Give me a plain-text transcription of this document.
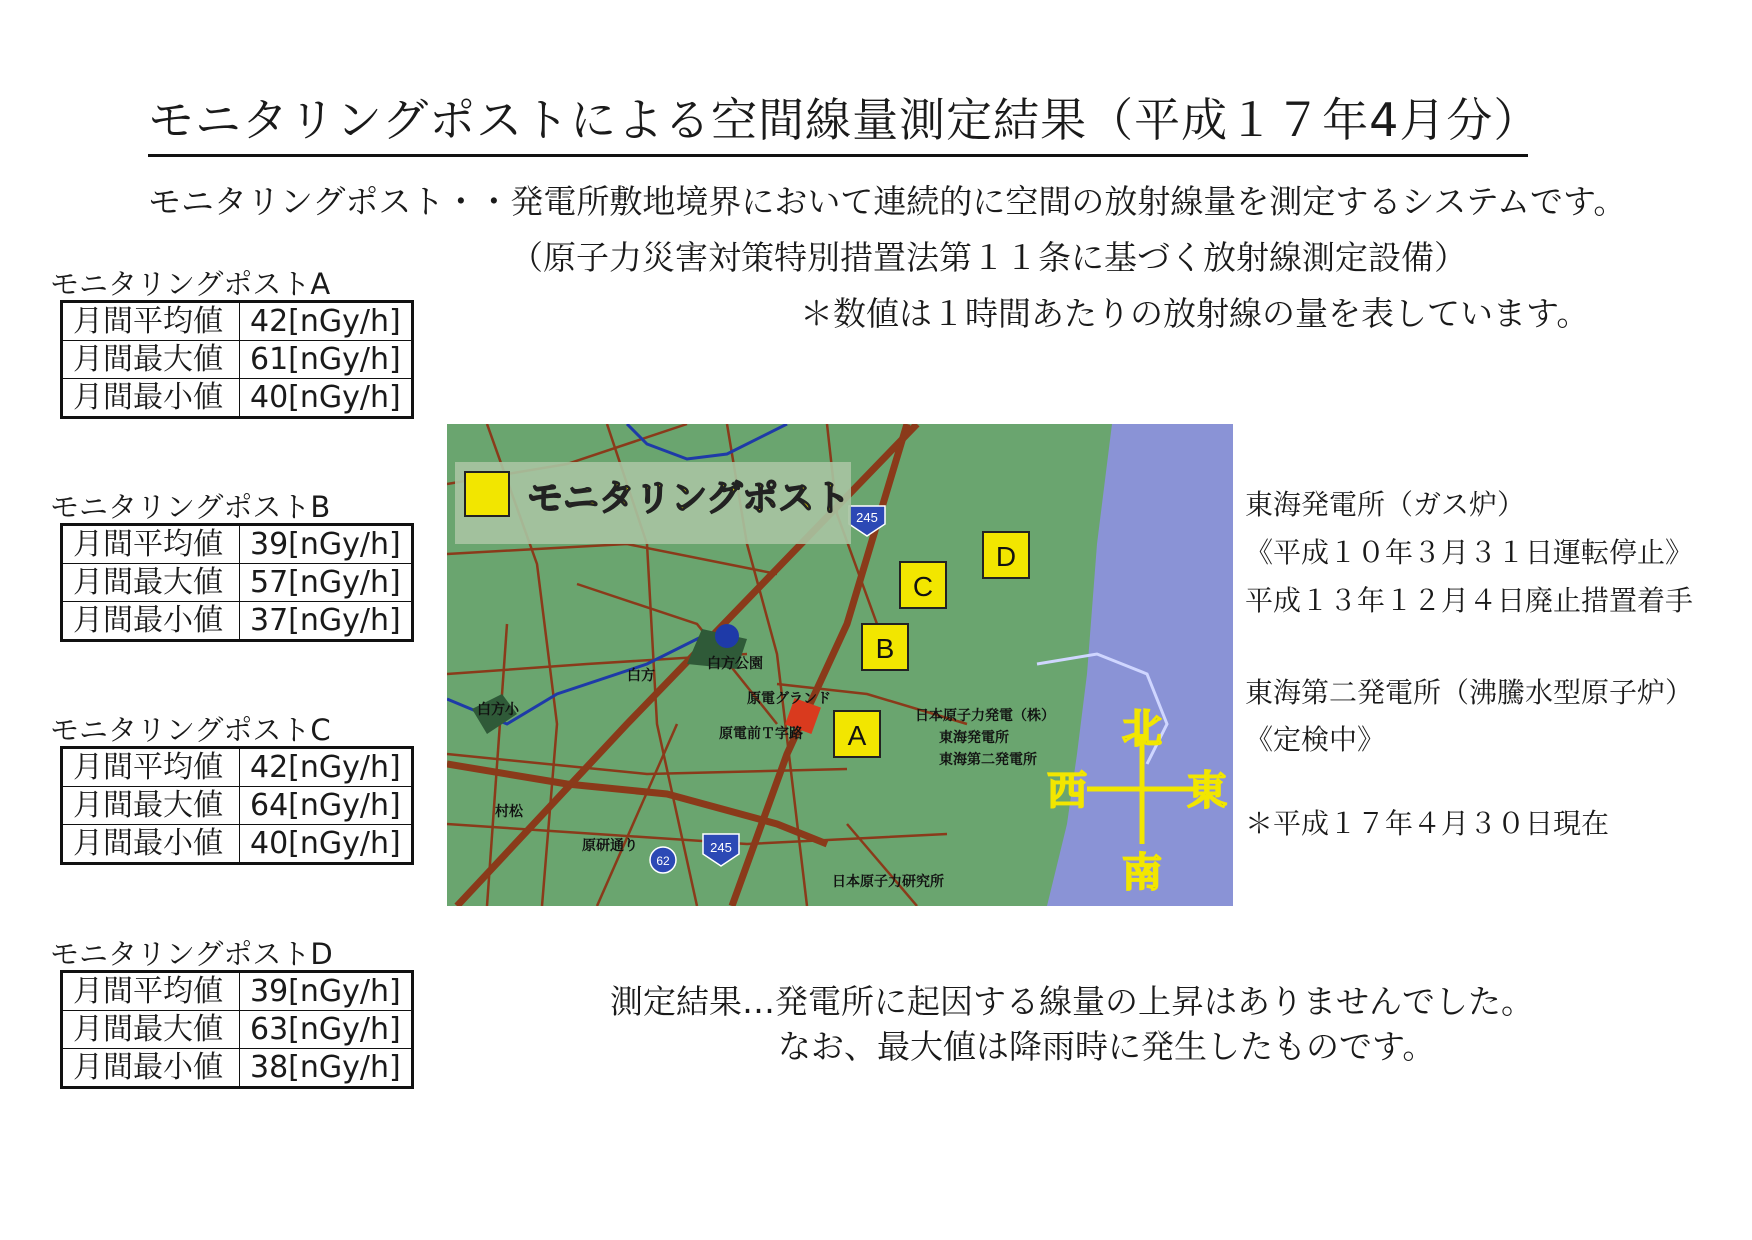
モニタリングポストによる空間線量測定結果（平成１７年4月分）
モニタリングポスト・・発電所敷地境界において連続的に空間の放射線量を測定するシステムです。
（原子力災害対策特別措置法第１１条に基づく放射線測定設備）
＊数値は１時間あたりの放射線の量を表しています。
モニタリングポストA
月間平均値	42[nGy/h]
月間最大値	61[nGy/h]
月間最小値	40[nGy/h]
モニタリングポストB
月間平均値	39[nGy/h]
月間最大値	57[nGy/h]
月間最小値	37[nGy/h]
モニタリングポストC
月間平均値	42[nGy/h]
月間最大値	64[nGy/h]
月間最小値	40[nGy/h]
モニタリングポストD
月間平均値	39[nGy/h]
月間最大値	63[nGy/h]
月間最小値	38[nGy/h]
245
245
62
モニタリングポスト
A
B
C
D
白方
白方公園
白方小
原電グランド
原電前Ｔ字路
村松
原研通り
日本原子力研究所
日本原子力発電（株）
東海発電所
東海第二発電所
北
南
西	東
東海発電所（ガス炉）
《平成１０年３月３１日運転停止》
平成１３年１２月４日廃止措置着手
東海第二発電所（沸騰水型原子炉）
《定検中》
＊平成１７年４月３０日現在
測定結果…発電所に起因する線量の上昇はありませんでした。
なお、最大値は降雨時に発生したものです。
